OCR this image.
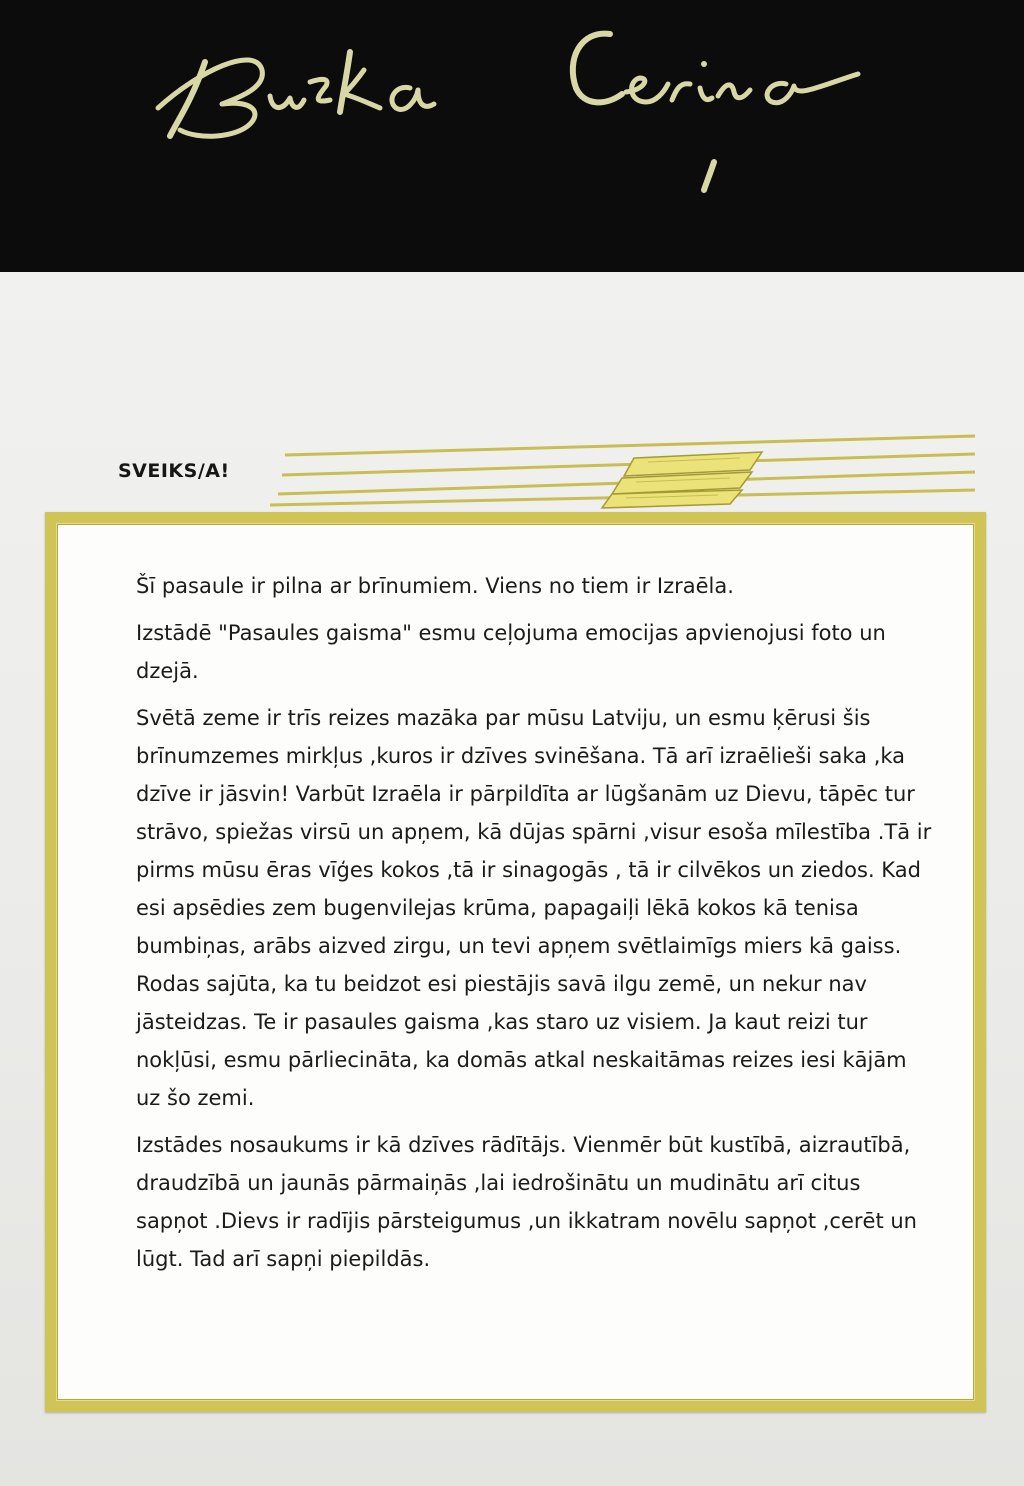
SVEIKS/A!

Šī pasaule ir pilna ar brīnumiem. Viens no tiem ir Izraēla.

Izstādē "Pasaules gaisma" esmu ceļojuma emocijas apvienojusi foto un dzejā.

Svētā zeme ir trīs reizes mazāka par mūsu Latviju, un esmu ķērusi šis brīnumzemes mirkļus ,kuros ir dzīves svinēšana. Tā arī izraēlieši saka ,ka dzīve ir jāsvin! Varbūt Izraēla ir pārpildīta ar lūgšanām uz Dievu, tāpēc tur strāvo, spiežas virsū un apņem, kā dūjas spārni ,visur esoša mīlestība .Tā ir pirms mūsu ēras vīģes kokos ,tā ir sinagogās , tā ir cilvēkos un ziedos. Kad esi apsēdies zem bugenvilejas krūma, papagaiļi lēkā kokos kā tenisa bumbiņas, arābs aizved zirgu, un tevi apņem svētlaimīgs miers kā gaiss. Rodas sajūta, ka tu beidzot esi piestājis savā ilgu zemē, un nekur nav jāsteidzas. Te ir pasaules gaisma ,kas staro uz visiem. Ja kaut reizi tur nokļūsi, esmu pārliecināta, ka domās atkal neskaitāmas reizes iesi kājām uz šo zemi.

Izstādes nosaukums ir kā dzīves rādītājs. Vienmēr būt kustībā, aizrautībā, draudzībā un jaunās pārmaiņās ,lai iedrošinātu un mudinātu arī citus sapņot .Dievs ir radījis pārsteigumus ,un ikkatram novēlu sapņot ,cerēt un lūgt. Tad arī sapņi piepildās.
